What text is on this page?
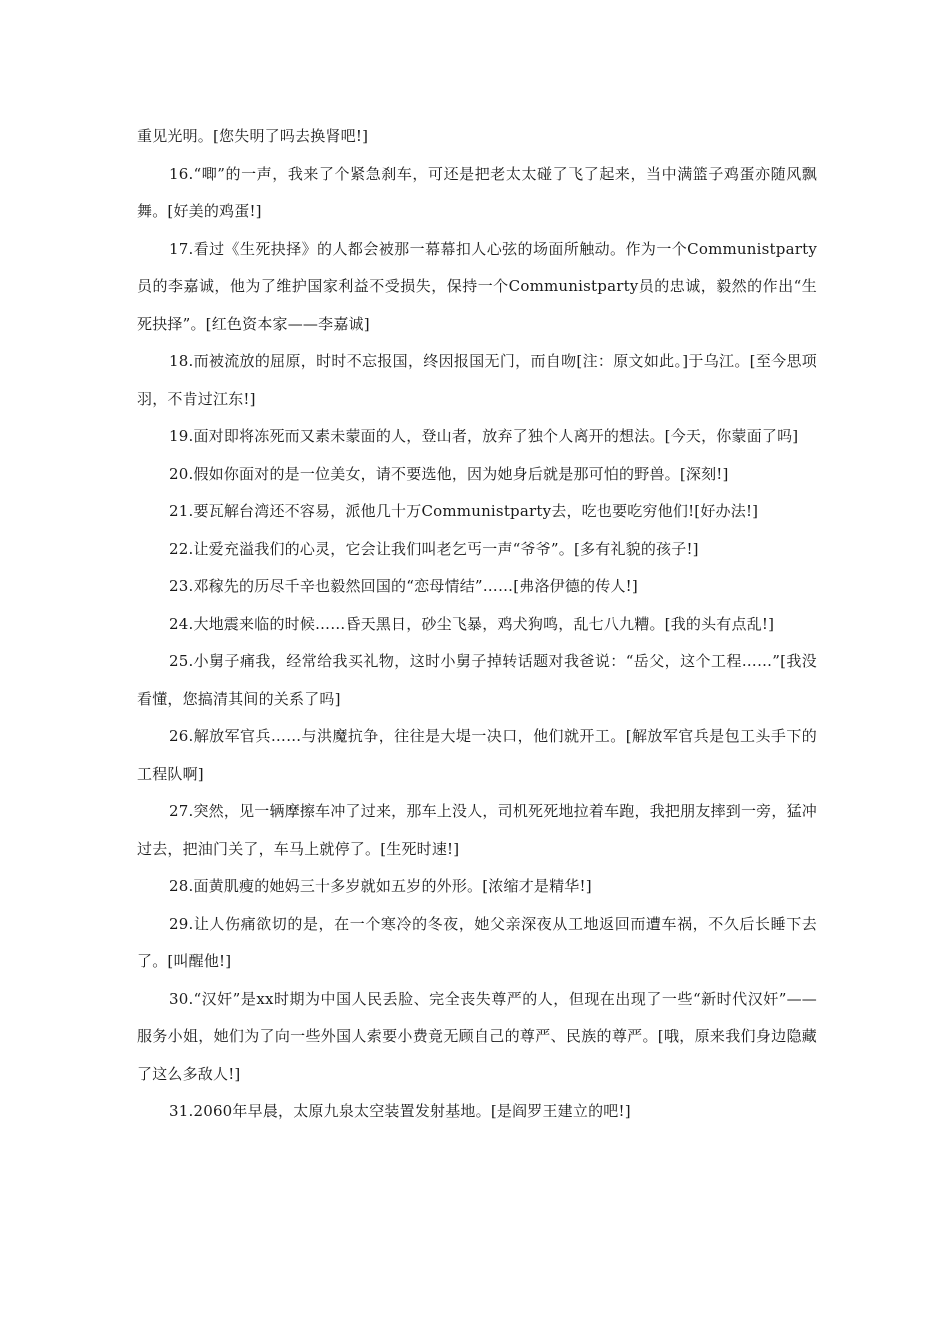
重见光明。[您失明了吗去换肾吧!]

16.“唧”的一声，我来了个紧急刹车，可还是把老太太碰了飞了起来，当中满篮子鸡蛋亦随风飘舞。[好美的鸡蛋!]

17.看过《生死抉择》的人都会被那一幕幕扣人心弦的场面所触动。作为一个Communistparty员的李嘉诚，他为了维护国家利益不受损失，保持一个Communistparty员的忠诚，毅然的作出“生死抉择”。[红色资本家——李嘉诚]

18.而被流放的屈原，时时不忘报国，终因报国无门，而自吻[注：原文如此。]于乌江。[至今思项羽，不肯过江东!]

19.面对即将冻死而又素未蒙面的人，登山者，放弃了独个人离开的想法。[今天，你蒙面了吗]

20.假如你面对的是一位美女，请不要选他，因为她身后就是那可怕的野兽。[深刻!]

21.要瓦解台湾还不容易，派他几十万Communistparty去，吃也要吃穷他们![好办法!]

22.让爱充溢我们的心灵，它会让我们叫老乞丐一声“爷爷”。[多有礼貌的孩子!]

23.邓稼先的历尽千辛也毅然回国的“恋母情结”……[弗洛伊德的传人!]

24.大地震来临的时候……昏天黑日，砂尘飞暴，鸡犬狗鸣，乱七八九糟。[我的头有点乱!]

25.小舅子痛我，经常给我买礼物，这时小舅子掉转话题对我爸说：“岳父，这个工程……”[我没看懂，您搞清其间的关系了吗]

26.解放军官兵……与洪魔抗争，往往是大堤一决口，他们就开工。[解放军官兵是包工头手下的工程队啊]

27.突然，见一辆摩擦车冲了过来，那车上没人，司机死死地拉着车跑，我把朋友摔到一旁，猛冲过去，把油门关了，车马上就停了。[生死时速!]

28.面黄肌瘦的她妈三十多岁就如五岁的外形。[浓缩才是精华!]

29.让人伤痛欲切的是，在一个寒冷的冬夜，她父亲深夜从工地返回而遭车祸，不久后长睡下去了。[叫醒他!]

30.“汉奸”是xx时期为中国人民丢脸、完全丧失尊严的人，但现在出现了一些“新时代汉奸”——服务小姐，她们为了向一些外国人索要小费竟无顾自己的尊严、民族的尊严。[哦，原来我们身边隐藏了这么多敌人!]

31.2060年早晨，太原九泉太空装置发射基地。[是阎罗王建立的吧!]
